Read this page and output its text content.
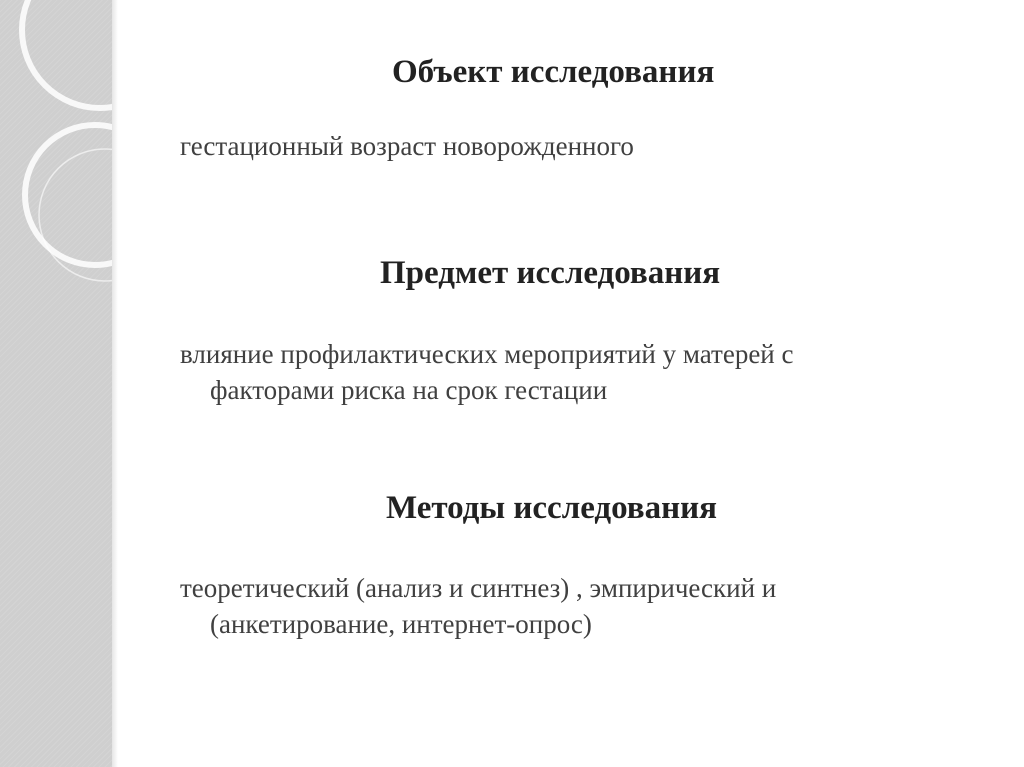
Объект исследования
гестационный возраст новорожденного
Предмет исследования
влияние профилактических мероприятий у матерей с
факторами риска на срок гестации
Методы исследования
теоретический (анализ и синтнез) , эмпирический и
(анкетирование, интернет-опрос)
